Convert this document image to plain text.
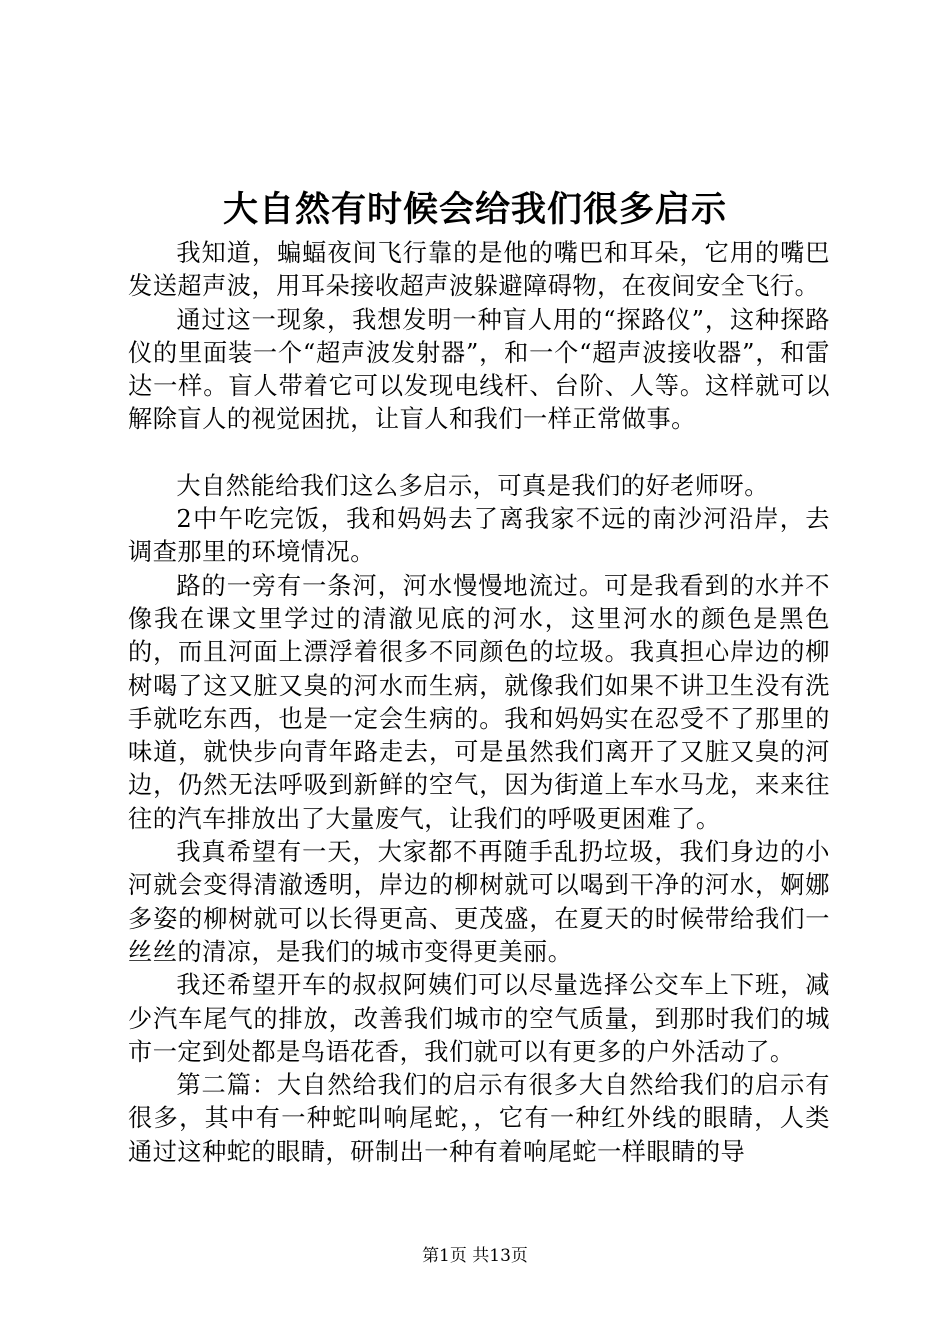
大自然有时候会给我们很多启示

我知道，蝙蝠夜间飞行靠的是他的嘴巴和耳朵，它用的嘴巴发送超声波，用耳朵接收超声波躲避障碍物，在夜间安全飞行。

通过这一现象，我想发明一种盲人用的“探路仪”，这种探路仪的里面装一个“超声波发射器”，和一个“超声波接收器”，和雷达一样。盲人带着它可以发现电线杆、台阶、人等。这样就可以解除盲人的视觉困扰，让盲人和我们一样正常做事。

大自然能给我们这么多启示，可真是我们的好老师呀。

2中午吃完饭，我和妈妈去了离我家不远的南沙河沿岸，去调查那里的环境情况。

路的一旁有一条河，河水慢慢地流过。可是我看到的水并不像我在课文里学过的清澈见底的河水，这里河水的颜色是黑色的，而且河面上漂浮着很多不同颜色的垃圾。我真担心岸边的柳树喝了这又脏又臭的河水而生病，就像我们如果不讲卫生没有洗手就吃东西，也是一定会生病的。我和妈妈实在忍受不了那里的味道，就快步向青年路走去，可是虽然我们离开了又脏又臭的河边，仍然无法呼吸到新鲜的空气，因为街道上车水马龙，来来往往的汽车排放出了大量废气，让我们的呼吸更困难了。

我真希望有一天，大家都不再随手乱扔垃圾，我们身边的小河就会变得清澈透明，岸边的柳树就可以喝到干净的河水，婀娜多姿的柳树就可以长得更高、更茂盛，在夏天的时候带给我们一丝丝的清凉，是我们的城市变得更美丽。

我还希望开车的叔叔阿姨们可以尽量选择公交车上下班，减少汽车尾气的排放，改善我们城市的空气质量，到那时我们的城市一定到处都是鸟语花香，我们就可以有更多的户外活动了。

第二篇：大自然给我们的启示有很多大自然给我们的启示有很多，其中有一种蛇叫响尾蛇，，它有一种红外线的眼睛，人类通过这种蛇的眼睛，研制出一种有着响尾蛇一样眼睛的导

第1页 共13页
